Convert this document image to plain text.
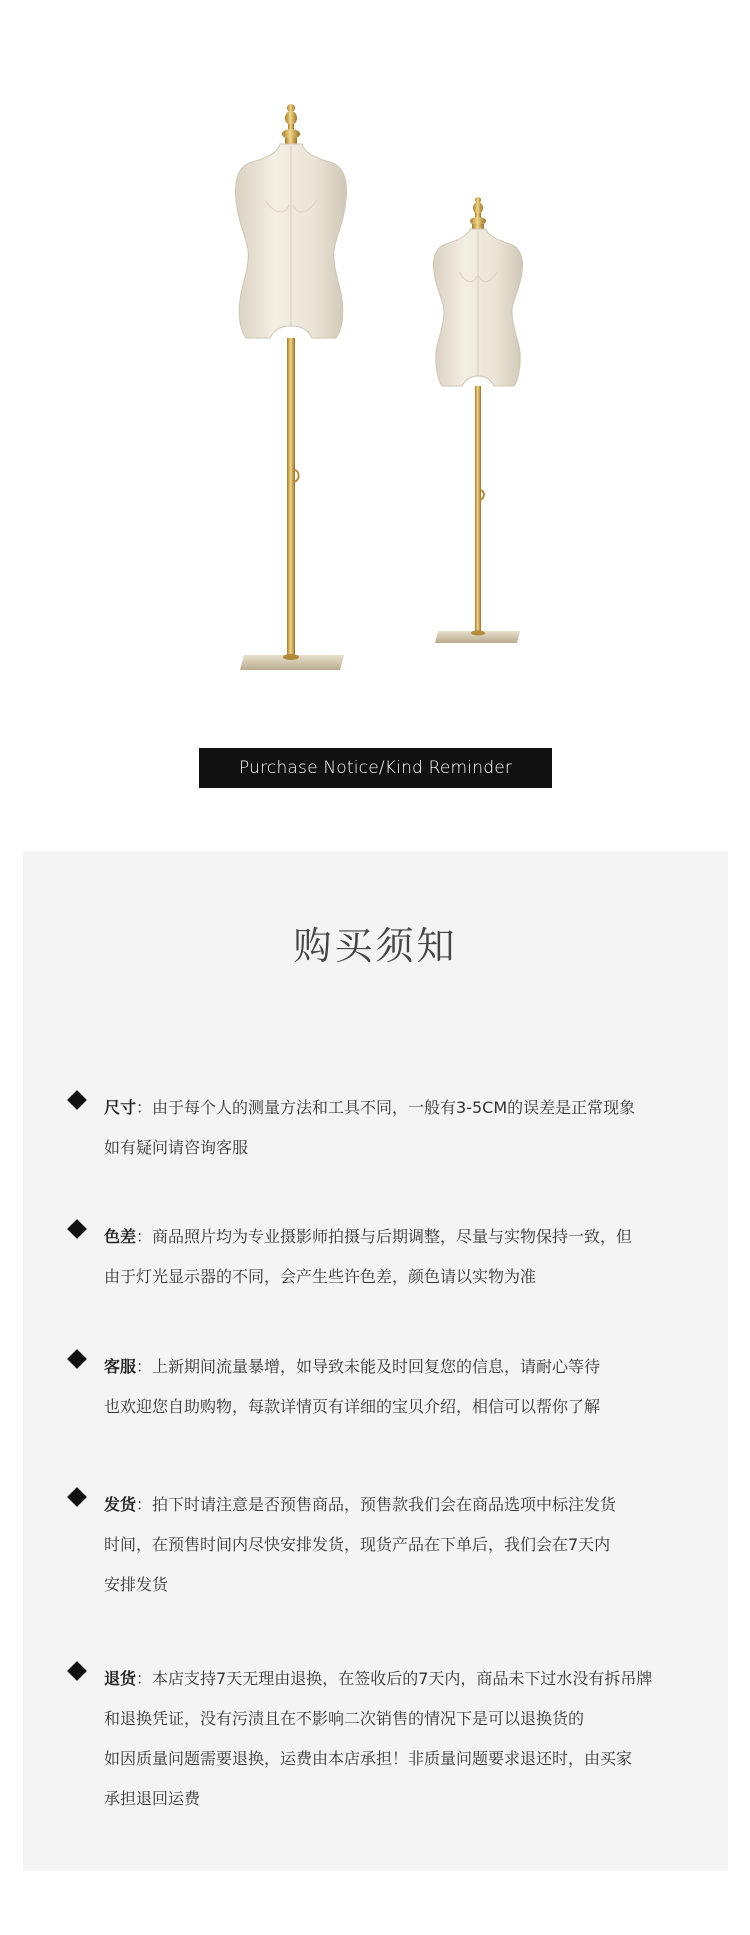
Purchase Notice/Kind Reminder
购买须知
尺寸：由于每个人的测量方法和工具不同，一般有3-5CM的误差是正常现象
如有疑问请咨询客服
色差：商品照片均为专业摄影师拍摄与后期调整，尽量与实物保持一致，但
由于灯光显示器的不同，会产生些许色差，颜色请以实物为准
客服：上新期间流量暴增，如导致未能及时回复您的信息，请耐心等待
也欢迎您自助购物，每款详情页有详细的宝贝介绍，相信可以帮你了解
发货：拍下时请注意是否预售商品，预售款我们会在商品选项中标注发货
时间，在预售时间内尽快安排发货，现货产品在下单后，我们会在7天内
安排发货
退货：本店支持7天无理由退换，在签收后的7天内，商品未下过水没有拆吊牌
和退换凭证，没有污渍且在不影响二次销售的情况下是可以退换货的
如因质量问题需要退换，运费由本店承担！非质量问题要求退还时，由买家
承担退回运费
